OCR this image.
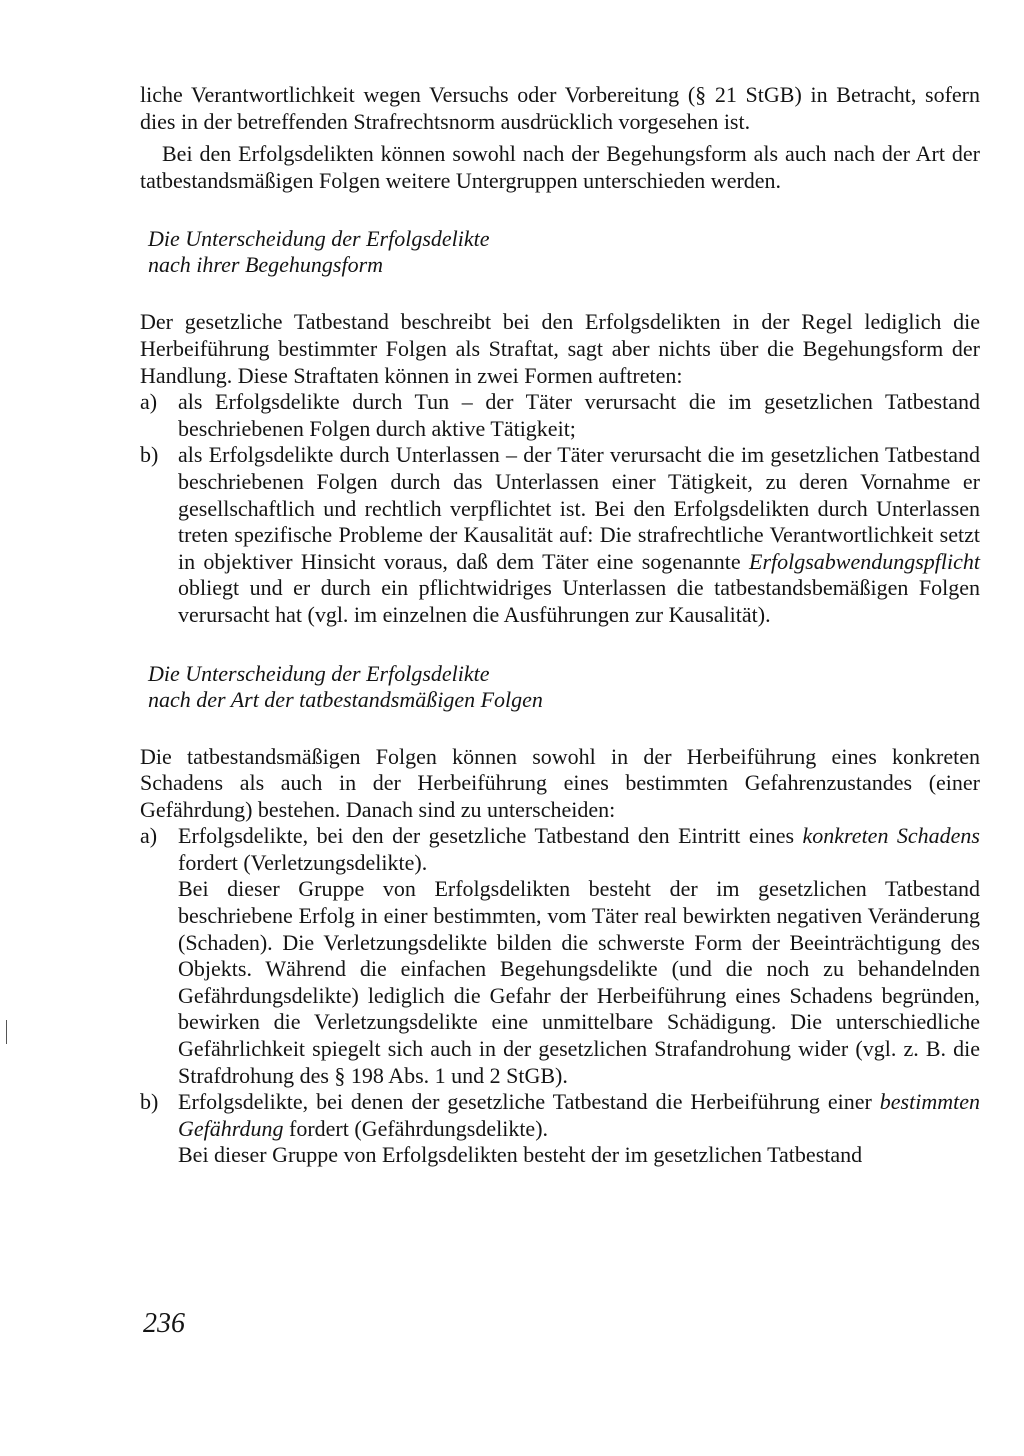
liche Verantwortlichkeit wegen Versuchs oder Vorbereitung (§ 21 StGB) in Betracht, sofern dies in der betreffenden Strafrechtsnorm ausdrücklich vorgesehen ist.

Bei den Erfolgsdelikten können sowohl nach der Begehungsform als auch nach der Art der tatbestandsmäßigen Folgen weitere Untergruppen unterschieden werden.

Die Unterscheidung der Erfolgsdelikte
nach ihrer Begehungsform

Der gesetzliche Tatbestand beschreibt bei den Erfolgsdelikten in der Regel lediglich die Herbeiführung bestimmter Folgen als Straftat, sagt aber nichts über die Begehungsform der Handlung. Diese Straftaten können in zwei Formen auftreten:

a) als Erfolgsdelikte durch Tun – der Täter verursacht die im gesetzlichen Tatbestand beschriebenen Folgen durch aktive Tätigkeit;

b) als Erfolgsdelikte durch Unterlassen – der Täter verursacht die im gesetzlichen Tatbestand beschriebenen Folgen durch das Unterlassen einer Tätigkeit, zu deren Vornahme er gesellschaftlich und rechtlich verpflichtet ist. Bei den Erfolgsdelikten durch Unterlassen treten spezifische Probleme der Kausalität auf: Die strafrechtliche Verantwortlichkeit setzt in objektiver Hinsicht voraus, daß dem Täter eine sogenannte Erfolgsabwendungspflicht obliegt und er durch ein pflichtwidriges Unterlassen die tatbestandsbemäßigen Folgen verursacht hat (vgl. im einzelnen die Ausführungen zur Kausalität).

Die Unterscheidung der Erfolgsdelikte
nach der Art der tatbestandsmäßigen Folgen

Die tatbestandsmäßigen Folgen können sowohl in der Herbeiführung eines konkreten Schadens als auch in der Herbeiführung eines bestimmten Gefahrenzustandes (einer Gefährdung) bestehen. Danach sind zu unterscheiden:

a) Erfolgsdelikte, bei den der gesetzliche Tatbestand den Eintritt eines konkreten Schadens fordert (Verletzungsdelikte).

Bei dieser Gruppe von Erfolgsdelikten besteht der im gesetzlichen Tatbestand beschriebene Erfolg in einer bestimmten, vom Täter real bewirkten negativen Veränderung (Schaden). Die Verletzungsdelikte bilden die schwerste Form der Beeinträchtigung des Objekts. Während die einfachen Begehungsdelikte (und die noch zu behandelnden Gefährdungsdelikte) lediglich die Gefahr der Herbeiführung eines Schadens begründen, bewirken die Verletzungsdelikte eine unmittelbare Schädigung. Die unterschiedliche Gefährlichkeit spiegelt sich auch in der gesetzlichen Strafandrohung wider (vgl. z. B. die Strafdrohung des § 198 Abs. 1 und 2 StGB).

b) Erfolgsdelikte, bei denen der gesetzliche Tatbestand die Herbeiführung einer bestimmten Gefährdung fordert (Gefährdungsdelikte).

Bei dieser Gruppe von Erfolgsdelikten besteht der im gesetzlichen Tatbestand

236
